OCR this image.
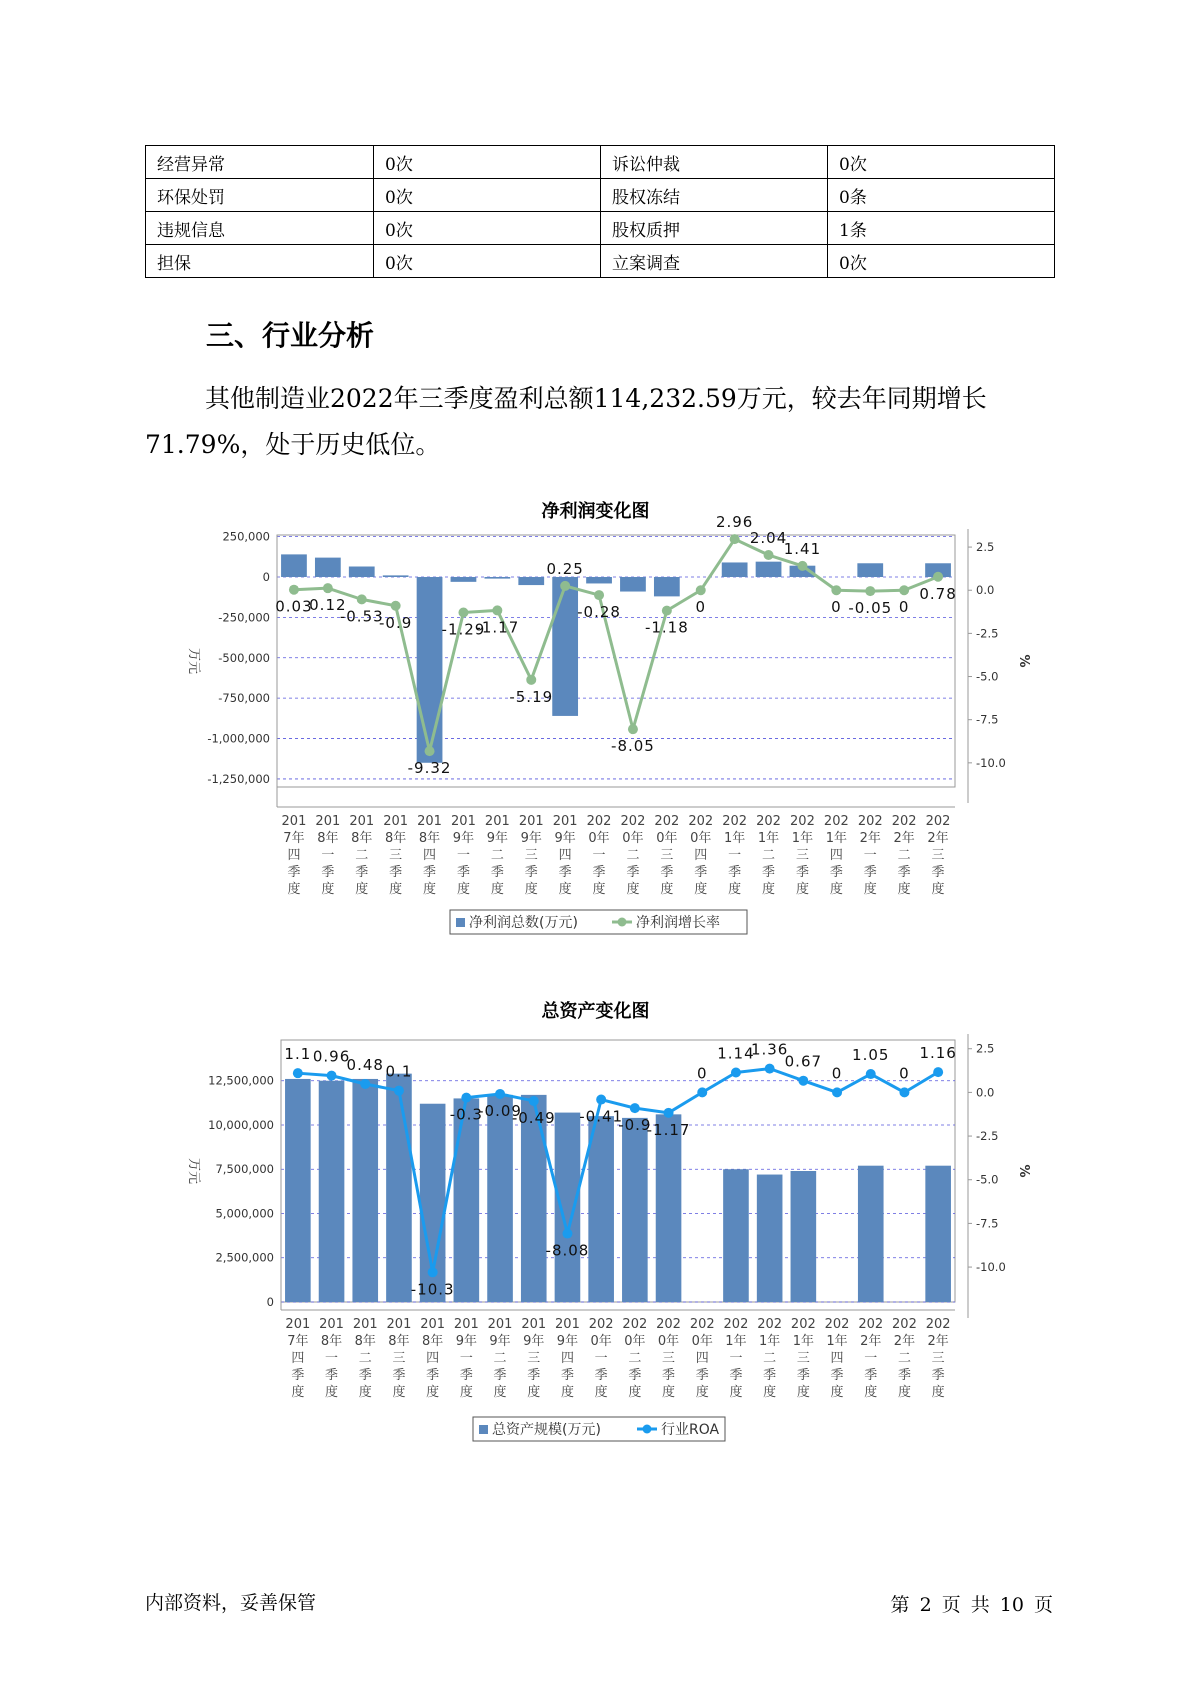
经营异常	0次	诉讼仲裁	0次
环保处罚	0次	股权冻结	0条
违规信息	0次	股权质押	1条
担保	0次	立案调查	0次
三、行业分析

其他制造业2022年三季度盈利总额114,232.59万元，较去年同期增长71.79%，处于历史低位。

净利润变化图
250,000
0
-250,000
-500,000
-750,000
-1,000,000
-1,250,000
2.5
0.0
-2.5
-5.0
-7.5
-10.0
万元	%
0.03
0.12
-0.53
-0.9
-9.32
-1.29
-1.17
-5.19
0.25
-0.28
-8.05
-1.18
0
2.96
2.04
1.41
0 -0.05 0
0.78
201 7年四季度
201 8年一季度
201 8年二季度
201 8年三季度
201 8年四季度
201 9年一季度
201 9年二季度
201 9年三季度
201 9年四季度
202 0年一季度
202 0年二季度
202 0年三季度
202 0年四季度
202 1年一季度
202 1年二季度
202 1年三季度
202 1年四季度
202 2年一季度
202 2年二季度
202 2年三季度
净利润总数(万元)	净利润增长率
总资产变化图
12,500,000
10,000,000
7,500,000
5,000,000
2,500,000
0
2.5
0.0
-2.5
-5.0
-7.5
-10.0
万元	%
1.1 0.96
0.48 0.1
-10.3
-0.3
-0.09
-0.49
-8.08
-0.41
-0.9
-1.17
0
1.14
1.36
0.67
0
1.05
0
1.16
201 7年四季度
201 8年一季度
201 8年二季度
201 8年三季度
201 8年四季度
201 9年一季度
201 9年二季度
201 9年三季度
201 9年四季度
202 0年一季度
202 0年二季度
202 0年三季度
202 0年四季度
202 1年一季度
202 1年二季度
202 1年三季度
202 1年四季度
202 2年一季度
202 2年二季度
202 2年三季度
总资产规模(万元)	行业ROA
内部资料，妥善保管	第 2 页 共 10 页
